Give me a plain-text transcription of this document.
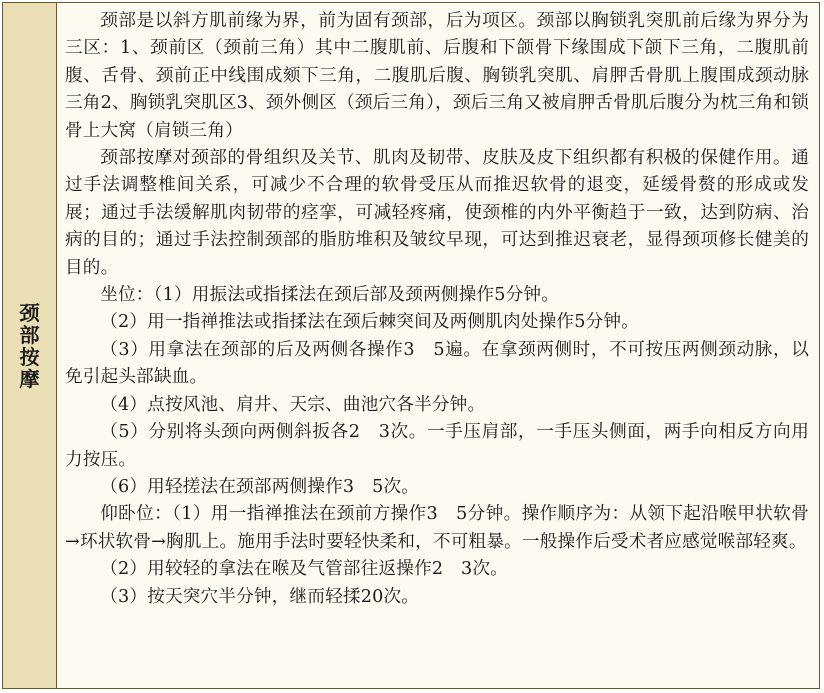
颈
部
按
摩

颈部是以斜方肌前缘为界，前为固有颈部，后为项区。颈部以胸锁乳突肌前后缘为界分为三区：1、颈前区（颈前三角）其中二腹肌前、后腹和下颌骨下缘围成下颌下三角，二腹肌前腹、舌骨、颈前正中线围成颏下三角，二腹肌后腹、胸锁乳突肌、肩胛舌骨肌上腹围成颈动脉三角2、胸锁乳突肌区3、颈外侧区（颈后三角），颈后三角又被肩胛舌骨肌后腹分为枕三角和锁骨上大窝（肩锁三角）

颈部按摩对颈部的骨组织及关节、肌肉及韧带、皮肤及皮下组织都有积极的保健作用。通过手法调整椎间关系，可减少不合理的软骨受压从而推迟软骨的退变，延缓骨赘的形成或发展；通过手法缓解肌肉韧带的痉挛，可减轻疼痛，使颈椎的内外平衡趋于一致，达到防病、治病的目的；通过手法控制颈部的脂肪堆积及皱纹早现，可达到推迟衰老，显得颈项修长健美的目的。

坐位：（1）用振法或指揉法在颈后部及颈两侧操作5分钟。

（2）用一指禅推法或指揉法在颈后棘突间及两侧肌肉处操作5分钟。

（3）用拿法在颈部的后及两侧各操作3　5遍。在拿颈两侧时，不可按压两侧颈动脉，以免引起头部缺血。

（4）点按风池、肩井、天宗、曲池穴各半分钟。

（5）分别将头颈向两侧斜扳各2　3次。一手压肩部，一手压头侧面，两手向相反方向用力按压。

（6）用轻搓法在颈部两侧操作3　5次。

仰卧位：（1）用一指禅推法在颈前方操作3　5分钟。操作顺序为：从领下起沿喉甲状软骨→环状软骨→胸肌上。施用手法时要轻快柔和，不可粗暴。一般操作后受术者应感觉喉部轻爽。

（2）用较轻的拿法在喉及气管部往返操作2　3次。

（3）按天突穴半分钟，继而轻揉20次。
